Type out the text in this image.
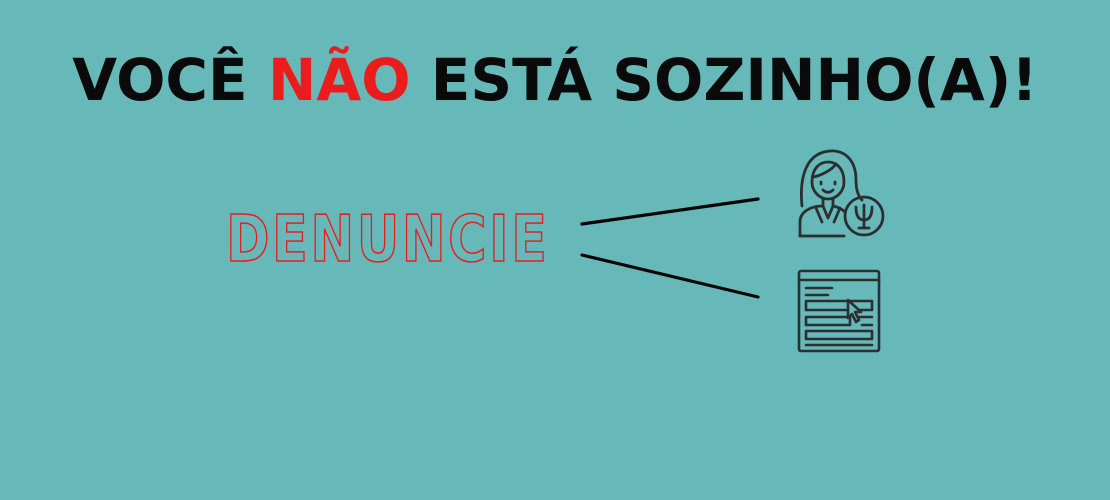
VOCÊ NÃO ESTÁ SOZINHO(A)!
DENUNCIE
